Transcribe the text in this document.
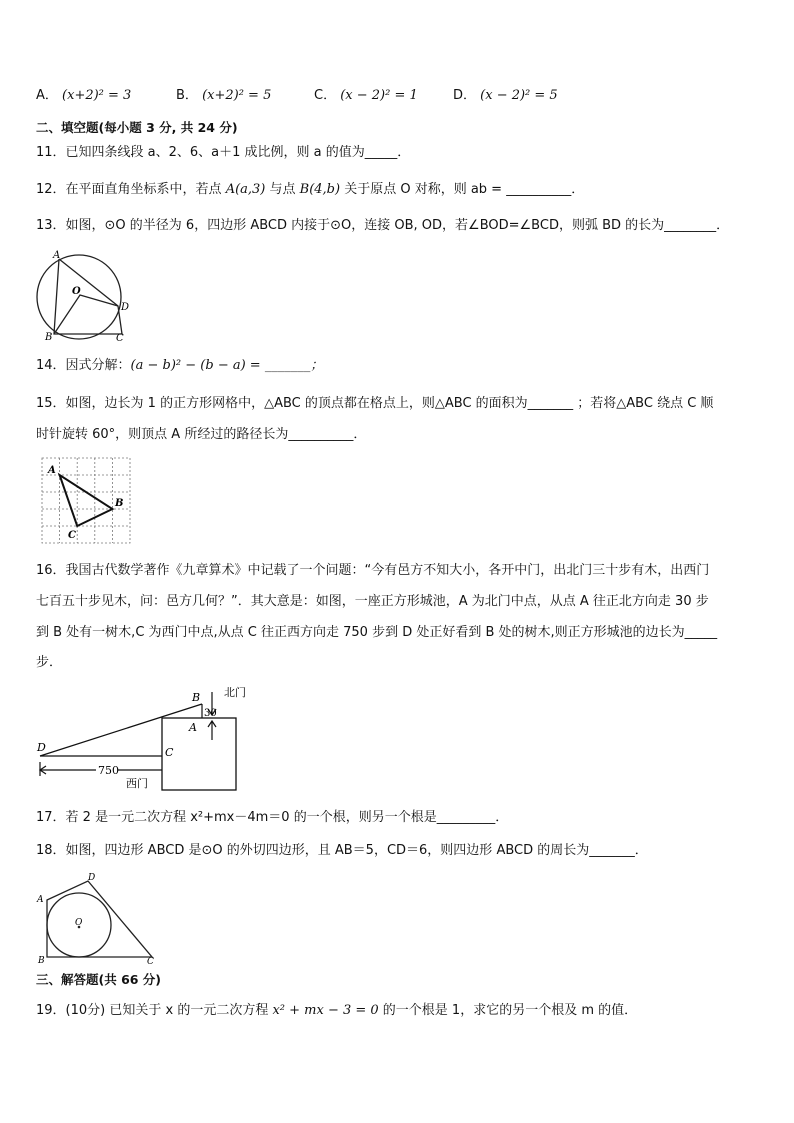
A． (x+2)² = 3	B． (x+2)² = 5	C． (x − 2)² = 1	D． (x − 2)² = 5
二、填空题(每小题 3 分, 共 24 分)
11．已知四条线段 a、2、6、a＋1 成比例，则 a 的值为_____．
12．在平面直角坐标系中，若点 A(a,3) 与点 B(4,b) 关于原点 O 对称，则 ab = __________．
13．如图，⊙O 的半径为 6，四边形 ABCD 内接于⊙O，连接 OB, OD，若∠BOD=∠BCD，则弧 BD 的长为________．
A
O
D
B	C
14．因式分解：(a − b)² − (b − a) = _______；
15．如图，边长为 1 的正方形网格中，△ABC 的顶点都在格点上，则△ABC 的面积为_______ ；若将△ABC 绕点 C 顺
时针旋转 60°，则顶点 A 所经过的路径长为__________．
A
B
C
16．我国古代数学著作《九章算术》中记载了一个问题：“今有邑方不知大小，各开中门，出北门三十步有木，出西门
七百五十步见木，问：邑方几何？”．其大意是：如图，一座正方形城池，A 为北门中点，从点 A 往正北方向走 30 步
到 B 处有一树木,C 为西门中点,从点 C 往正西方向走 750 步到 D 处正好看到 B 处的树木,则正方形城池的边长为_____
步．
B 北门
30
A
D	C
750
西门
17．若 2 是一元二次方程 x²+mx－4m＝0 的一个根，则另一个根是_________．
18．如图，四边形 ABCD 是⊙O 的外切四边形，且 AB＝5，CD＝6，则四边形 ABCD 的周长为_______．
D
A
O
B	C
三、解答题(共 66 分)
19．(10分) 已知关于 x 的一元二次方程 x² + mx − 3 = 0 的一个根是 1，求它的另一个根及 m 的值．
